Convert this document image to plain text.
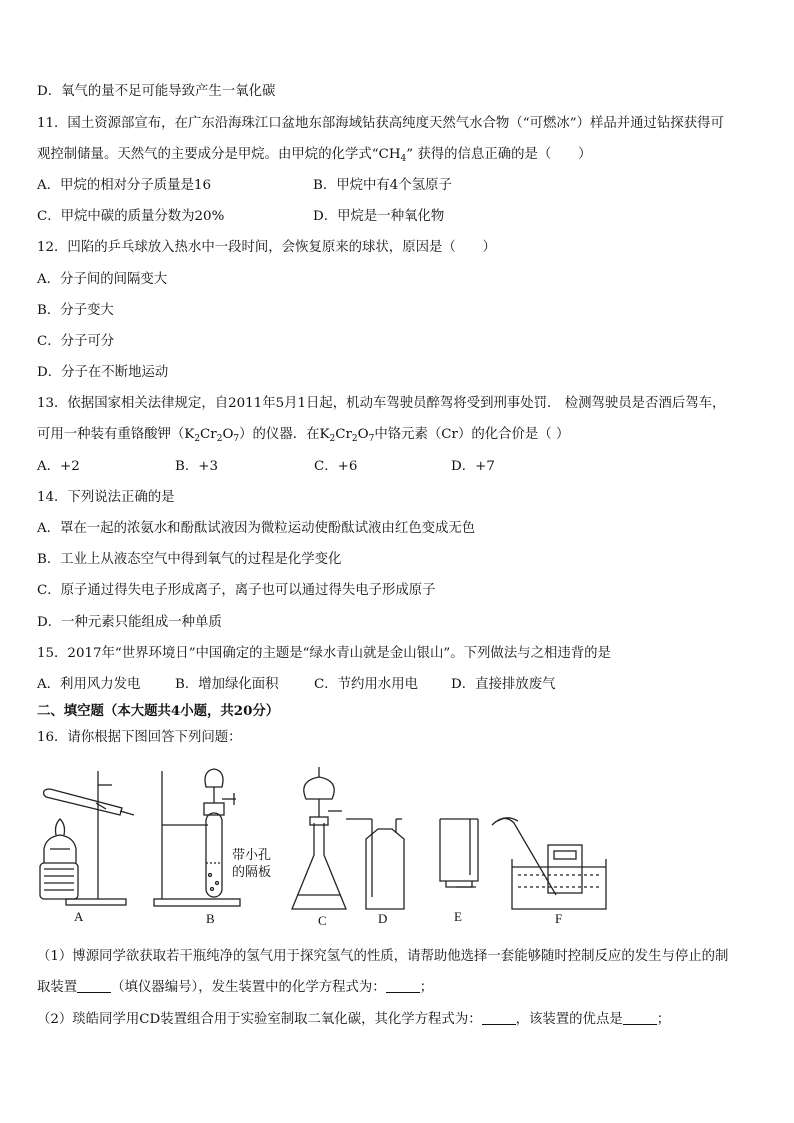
D．氧气的量不足可能导致产生一氧化碳
11．国土资源部宣布，在广东沿海珠江口盆地东部海域钻获高纯度天然气水合物（“可燃冰”）样品并通过钻探获得可
观控制储量。天然气的主要成分是甲烷。由甲烷的化学式“$CH_4$” 获得的信息正确的是（　　）
A．甲烷的相对分子质量是16	B．甲烷中有4个氢原子
C．甲烷中碳的质量分数为20%	D．甲烷是一种氧化物
12．凹陷的乒乓球放入热水中一段时间，会恢复原来的球状，原因是（　　）
A．分子间的间隔变大
B．分子变大
C．分子可分
D．分子在不断地运动
13．依据国家相关法律规定，自2011年5月1日起，机动车驾驶员醉驾将受到刑事处罚． 检测驾驶员是否酒后驾车，
可用一种装有重铬酸钾$(K_2Cr_2O_7)$的仪器．在$K_2Cr_2O_7$中铬元素（Cr）的化合价是（ ）
A．+2	B．+3	C．+6	D．+7
14．下列说法正确的是
A．罩在一起的浓氨水和酚酞试液因为微粒运动使酚酞试液由红色变成无色
B．工业上从液态空气中得到氧气的过程是化学变化
C．原子通过得失电子形成离子，离子也可以通过得失电子形成原子
D．一种元素只能组成一种单质
15．2017年“世界环境日”中国确定的主题是“绿水青山就是金山银山”。下列做法与之相违背的是
A．利用风力发电	B．增加绿化面积	C．节约用水用电 D．直接排放废气
二、填空题（本大题共4小题，共20分）
16．请你根据下图回答下列问题：
A	B	C	D	E	F
带小孔
的隔板
（1）博源同学欲获取若干瓶纯净的氢气用于探究氢气的性质，请帮助他选择一套能够随时控制反应的发生与停止的制
取装置	（填仪器编号），发生装置中的化学方程式为：	；
（2）琰皓同学用CD装置组合用于实验室制取二氧化碳，其化学方程式为：	，该装置的优点是	；
